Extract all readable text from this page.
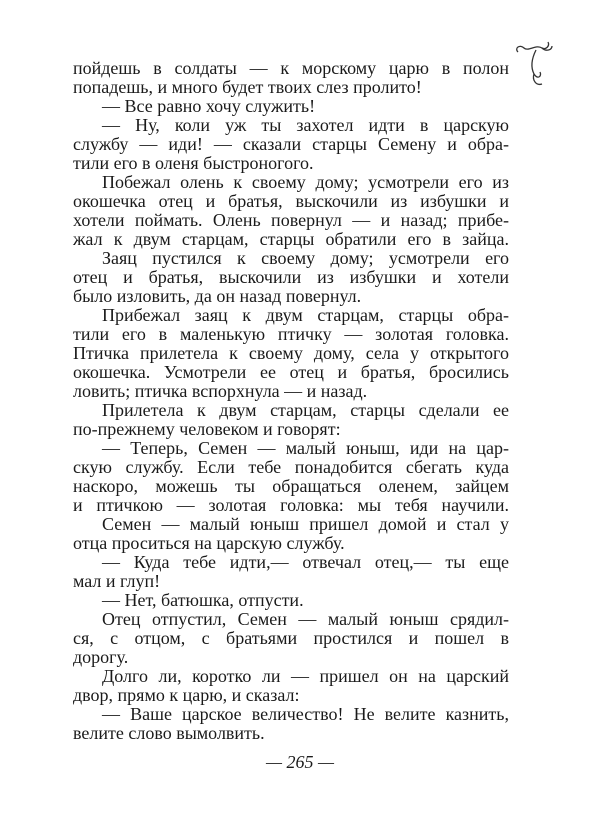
пойдешь в солдаты — к морскому царю в полон
попадешь, и много будет твоих слез пролито!
— Все равно хочу служить!
— Ну, коли уж ты захотел идти в царскую
службу — иди! — сказали старцы Семену и обра-
тили его в оленя быстроногого.
Побежал олень к своему дому; усмотрели его из
окошечка отец и братья, выскочили из избушки и
хотели поймать. Олень повернул — и назад; прибе-
жал к двум старцам, старцы обратили его в зайца.
Заяц пустился к своему дому; усмотрели его
отец и братья, выскочили из избушки и хотели
было изловить, да он назад повернул.
Прибежал заяц к двум старцам, старцы обра-
тили его в маленькую птичку — золотая головка.
Птичка прилетела к своему дому, села у открытого
окошечка. Усмотрели ее отец и братья, бросились
ловить; птичка вспорхнула — и назад.
Прилетела к двум старцам, старцы сделали ее
по-прежнему человеком и говорят:
— Теперь, Семен — малый юныш, иди на цар-
скую службу. Если тебе понадобится сбегать куда
наскоро, можешь ты обращаться оленем, зайцем
и птичкою — золотая головка: мы тебя научили.
Семен — малый юныш пришел домой и стал у
отца проситься на царскую службу.
— Куда тебе идти,— отвечал отец,— ты еще
мал и глуп!
— Нет, батюшка, отпусти.
Отец отпустил, Семен — малый юныш срядил-
ся, с отцом, с братьями простился и пошел в
дорогу.
Долго ли, коротко ли — пришел он на царский
двор, прямо к царю, и сказал:
— Ваше царское величество! Не велите казнить,
велите слово вымолвить.
— 265 —
